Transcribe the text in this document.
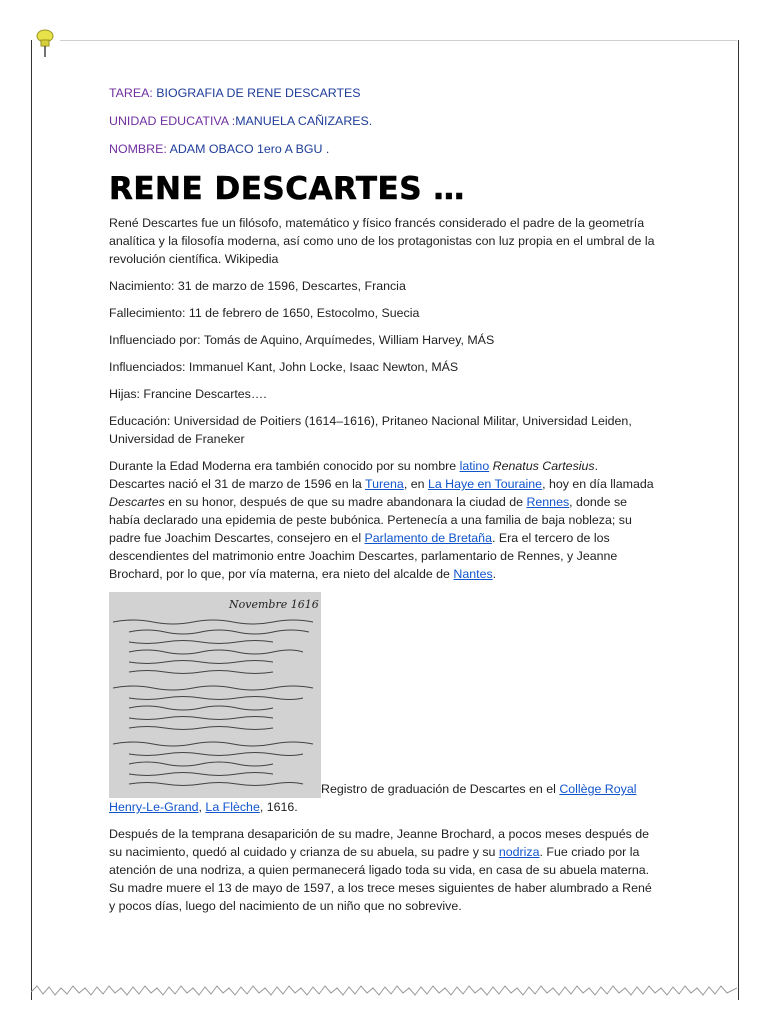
TAREA: BIOGRAFIA DE RENE DESCARTES
UNIDAD EDUCATIVA :MANUELA CAÑIZARES.
NOMBRE: ADAM OBACO 1ero A BGU .
RENE DESCARTES …

René Descartes fue un filósofo, matemático y físico francés considerado el padre de la geometría analítica y la filosofía moderna, así como uno de los protagonistas con luz propia en el umbral de la revolución científica. Wikipedia

Nacimiento: 31 de marzo de 1596, Descartes, Francia

Fallecimiento: 11 de febrero de 1650, Estocolmo, Suecia

Influenciado por: Tomás de Aquino, Arquímedes, William Harvey, MÁS

Influenciados: Immanuel Kant, John Locke, Isaac Newton, MÁS

Hijas: Francine Descartes….

Educación: Universidad de Poitiers (1614–1616), Pritaneo Nacional Militar, Universidad Leiden, Universidad de Franeker

Durante la Edad Moderna era también conocido por su nombre latino Renatus Cartesius. Descartes nació el 31 de marzo de 1596 en la Turena, en La Haye en Touraine, hoy en día llamada Descartes en su honor, después de que su madre abandonara la ciudad de Rennes, donde se había declarado una epidemia de peste bubónica. Pertenecía a una familia de baja nobleza; su padre fue Joachim Descartes, consejero en el Parlamento de Bretaña. Era el tercero de los descendientes del matrimonio entre Joachim Descartes, parlamentario de Rennes, y Jeanne Brochard, por lo que, por vía materna, era nieto del alcalde de Nantes.

Novembre 1616
Registro de graduación de Descartes en el Collège Royal Henry-Le-Grand, La Flèche, 1616.

Después de la temprana desaparición de su madre, Jeanne Brochard, a pocos meses después de su nacimiento, quedó al cuidado y crianza de su abuela, su padre y su nodriza. Fue criado por la atención de una nodriza, a quien permanecerá ligado toda su vida, en casa de su abuela materna. Su madre muere el 13 de mayo de 1597, a los trece meses siguientes de haber alumbrado a René y pocos días, luego del nacimiento de un niño que no sobrevive.
